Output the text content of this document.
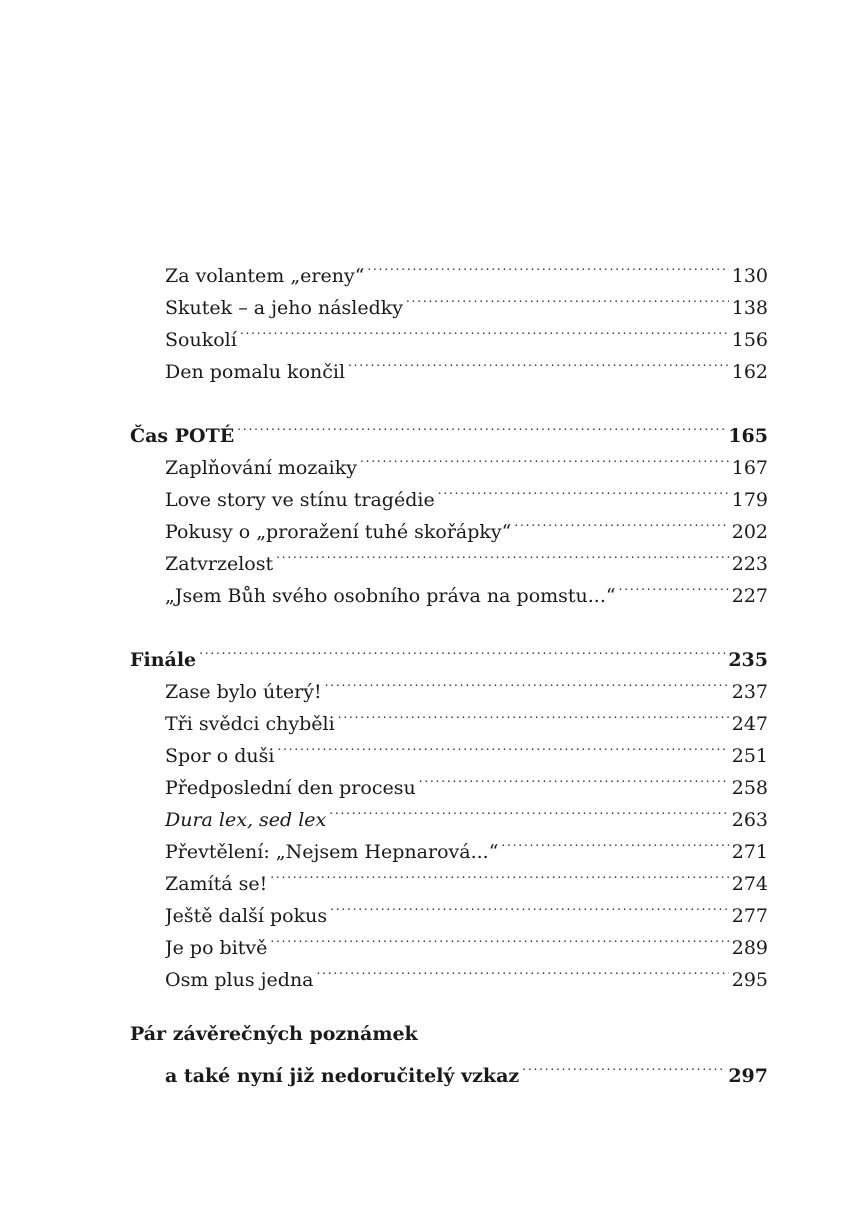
Za volantem „ereny“ . . .	130
Skutek – a jeho následky . . .	138
Soukolí . . .	156
Den pomalu končil . . .	162
Čas POTÉ . . .	165
Zaplňování mozaiky . . .	167
Love story ve stínu tragédie . . .	179
Pokusy o „proražení tuhé skořápky“ . . .	202
Zatvrzelost . . .	223
„Jsem Bůh svého osobního práva na pomstu...“ . . .	227
Finále . . .	235
Zase bylo úterý! . . .	237
Tři svědci chyběli . . .	247
Spor o duši . . .	251
Předposlední den procesu . . .	258
Dura lex, sed lex . . .	263
Převtělení: „Nejsem Hepnarová...“ . . .	271
Zamítá se! . . .	274
Ještě další pokus . . .	277
Je po bitvě . . .	289
Osm plus jedna . . .	295
Pár závěrečných poznámek
a také nyní již nedoručitelý vzkaz . . .	297
